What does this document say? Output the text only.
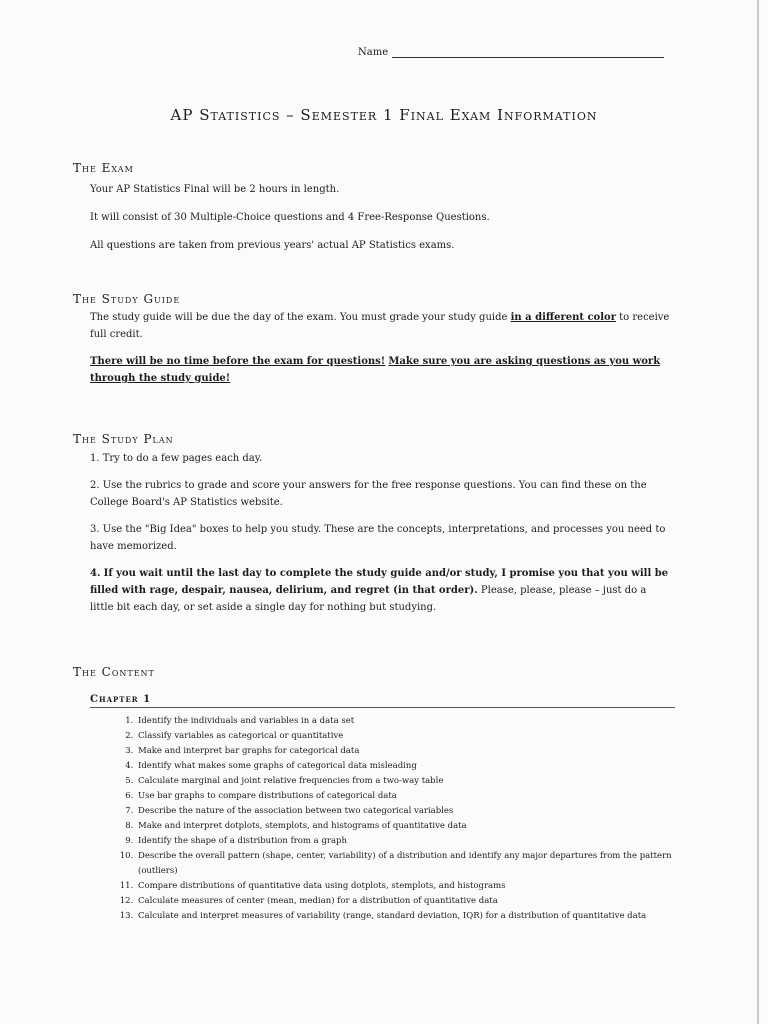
Name
AP Statistics – Semester 1 Final Exam Information

The Exam

Your AP Statistics Final will be 2 hours in length.
It will consist of 30 Multiple-Choice questions and 4 Free-Response Questions.
All questions are taken from previous years' actual AP Statistics exams.

The Study Guide

The study guide will be due the day of the exam. You must grade your study guide in a different color to receive full credit.
There will be no time before the exam for questions! Make sure you are asking questions as you work through the study guide!

The Study Plan

1. Try to do a few pages each day.
2. Use the rubrics to grade and score your answers for the free response questions. You can find these on the College Board's AP Statistics website.
3. Use the "Big Idea" boxes to help you study. These are the concepts, interpretations, and processes you need to have memorized.
4. If you wait until the last day to complete the study guide and/or study, I promise you that you will be filled with rage, despair, nausea, delirium, and regret (in that order). Please, please, please – just do a little bit each day, or set aside a single day for nothing but studying.

The Content

Chapter 1
1. Identify the individuals and variables in a data set
2. Classify variables as categorical or quantitative
3. Make and interpret bar graphs for categorical data
4. Identify what makes some graphs of categorical data misleading
5. Calculate marginal and joint relative frequencies from a two-way table
6. Use bar graphs to compare distributions of categorical data
7. Describe the nature of the association between two categorical variables
8. Make and interpret dotplots, stemplots, and histograms of quantitative data
9. Identify the shape of a distribution from a graph
10. Describe the overall pattern (shape, center, variability) of a distribution and identify any major departures from the pattern (outliers)
11. Compare distributions of quantitative data using dotplots, stemplots, and histograms
12. Calculate measures of center (mean, median) for a distribution of quantitative data
13. Calculate and interpret measures of variability (range, standard deviation, IQR) for a distribution of quantitative data
